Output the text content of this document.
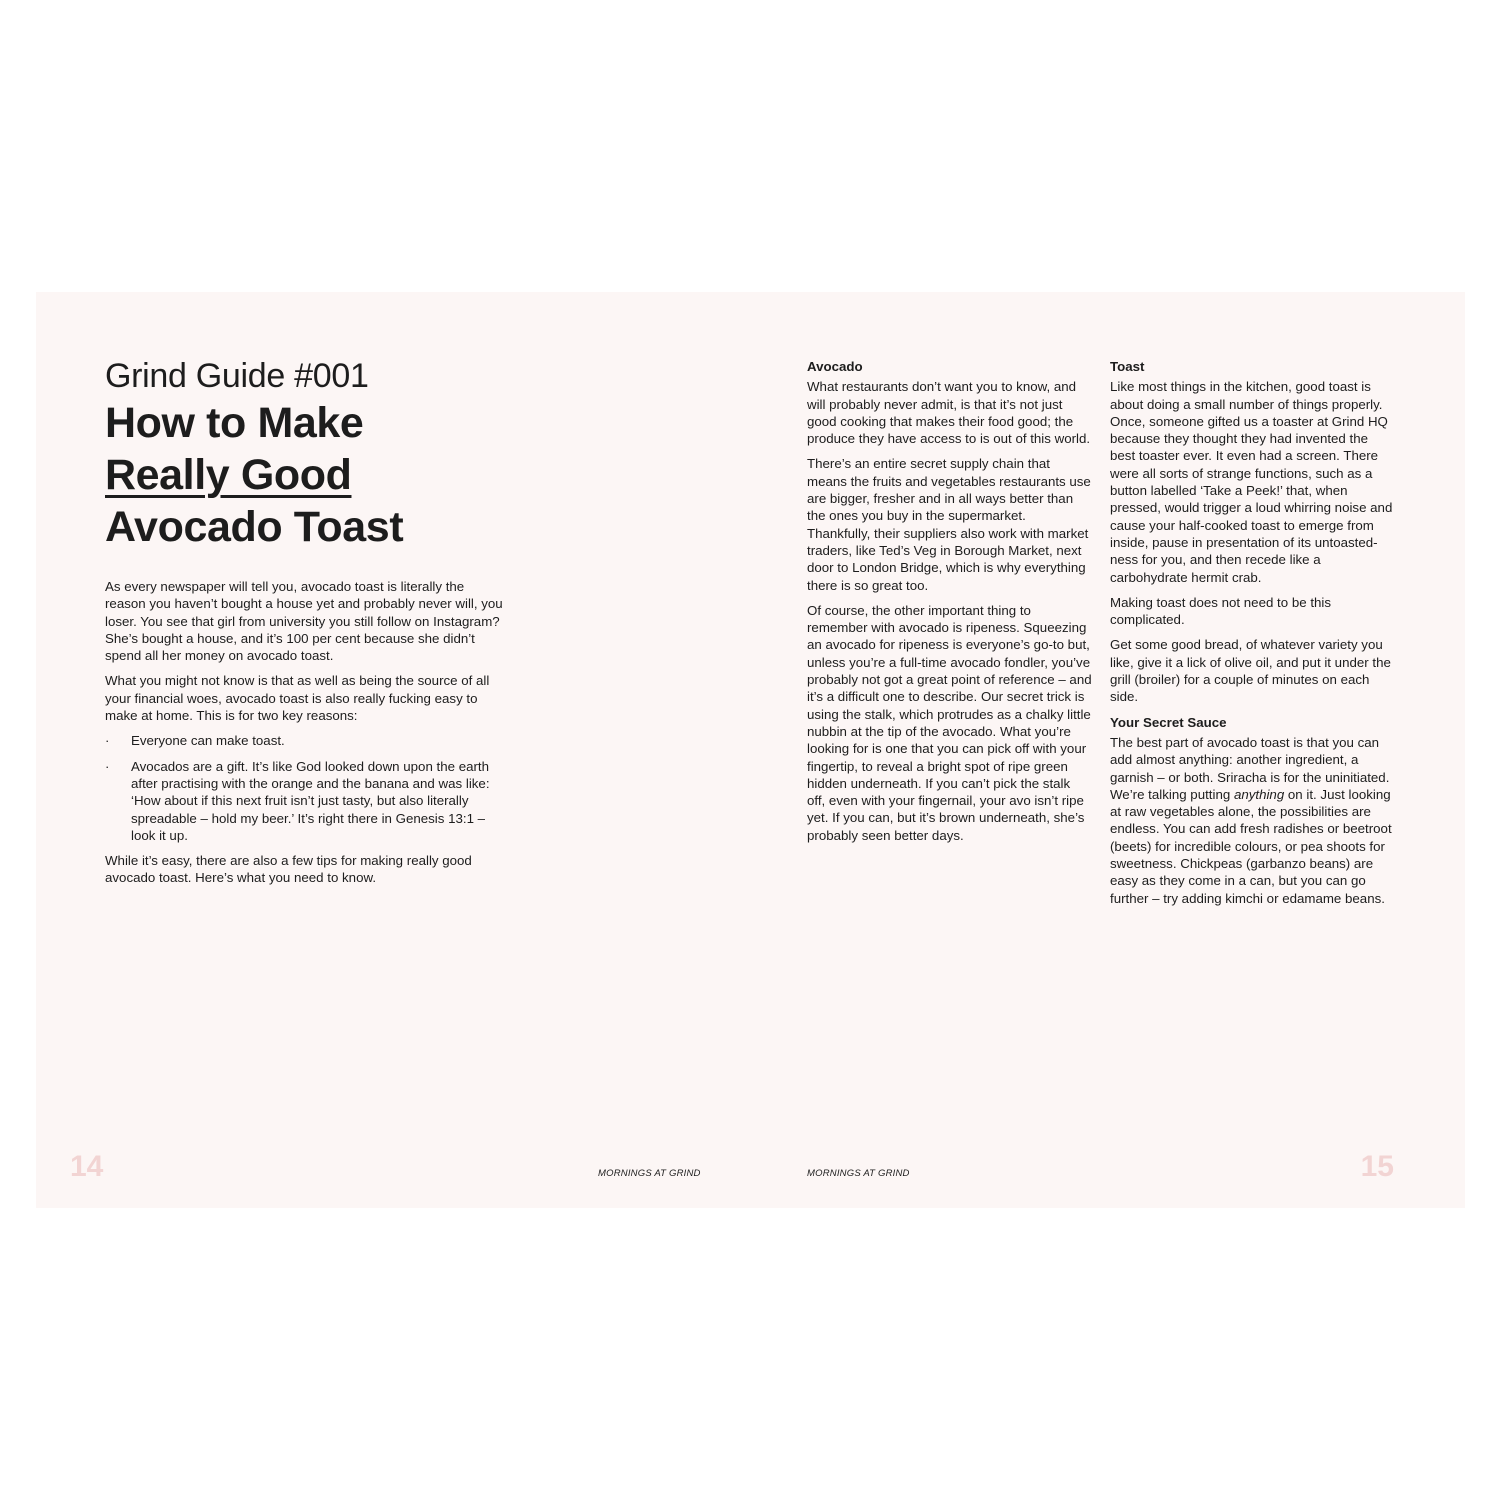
Grind Guide #001
How to Make
Really Good
Avocado Toast

As every newspaper will tell you, avocado toast is literally the reason you haven’t bought a house yet and probably never will, you loser. You see that girl from university you still follow on Instagram? She’s bought a house, and it’s 100 per cent because she didn’t spend all her money on avocado toast.

What you might not know is that as well as being the source of all your financial woes, avocado toast is also really fucking easy to make at home. This is for two key reasons:

· Everyone can make toast.
· Avocados are a gift. It’s like God looked down upon the earth after practising with the orange and the banana and was like: ‘How about if this next fruit isn’t just tasty, but also literally spreadable – hold my beer.’ It’s right there in Genesis 13:1 – look it up.

While it’s easy, there are also a few tips for making really good avocado toast. Here’s what you need to know.

14	MORNINGS AT GRIND
Avocado

What restaurants don’t want you to know, and will probably never admit, is that it’s not just good cooking that makes their food good; the produce they have access to is out of this world.

There’s an entire secret supply chain that means the fruits and vegetables restaurants use are bigger, fresher and in all ways better than the ones you buy in the supermarket. Thankfully, their suppliers also work with market traders, like Ted’s Veg in Borough Market, next door to London Bridge, which is why everything there is so great too.

Of course, the other important thing to remember with avocado is ripeness. Squeezing an avocado for ripeness is everyone’s go-to but, unless you’re a full-time avocado fondler, you’ve probably not got a great point of reference – and it’s a difficult one to describe. Our secret trick is using the stalk, which protrudes as a chalky little nubbin at the tip of the avocado. What you’re looking for is one that you can pick off with your fingertip, to reveal a bright spot of ripe green hidden underneath. If you can’t pick the stalk off, even with your fingernail, your avo isn’t ripe yet. If you can, but it’s brown underneath, she’s probably seen better days.

Toast

Like most things in the kitchen, good toast is about doing a small number of things properly. Once, someone gifted us a toaster at Grind HQ because they thought they had invented the best toaster ever. It even had a screen. There were all sorts of strange functions, such as a button labelled ‘Take a Peek!’ that, when pressed, would trigger a loud whirring noise and cause your half-cooked toast to emerge from inside, pause in presentation of its untoasted-ness for you, and then recede like a carbohydrate hermit crab.

Making toast does not need to be this complicated.

Get some good bread, of whatever variety you like, give it a lick of olive oil, and put it under the grill (broiler) for a couple of minutes on each side.

Your Secret Sauce

The best part of avocado toast is that you can add almost anything: another ingredient, a garnish – or both. Sriracha is for the uninitiated. We’re talking putting anything on it. Just looking at raw vegetables alone, the possibilities are endless. You can add fresh radishes or beetroot (beets) for incredible colours, or pea shoots for sweetness. Chickpeas (garbanzo beans) are easy as they come in a can, but you can go further – try adding kimchi or edamame beans.

MORNINGS AT GRIND	15
